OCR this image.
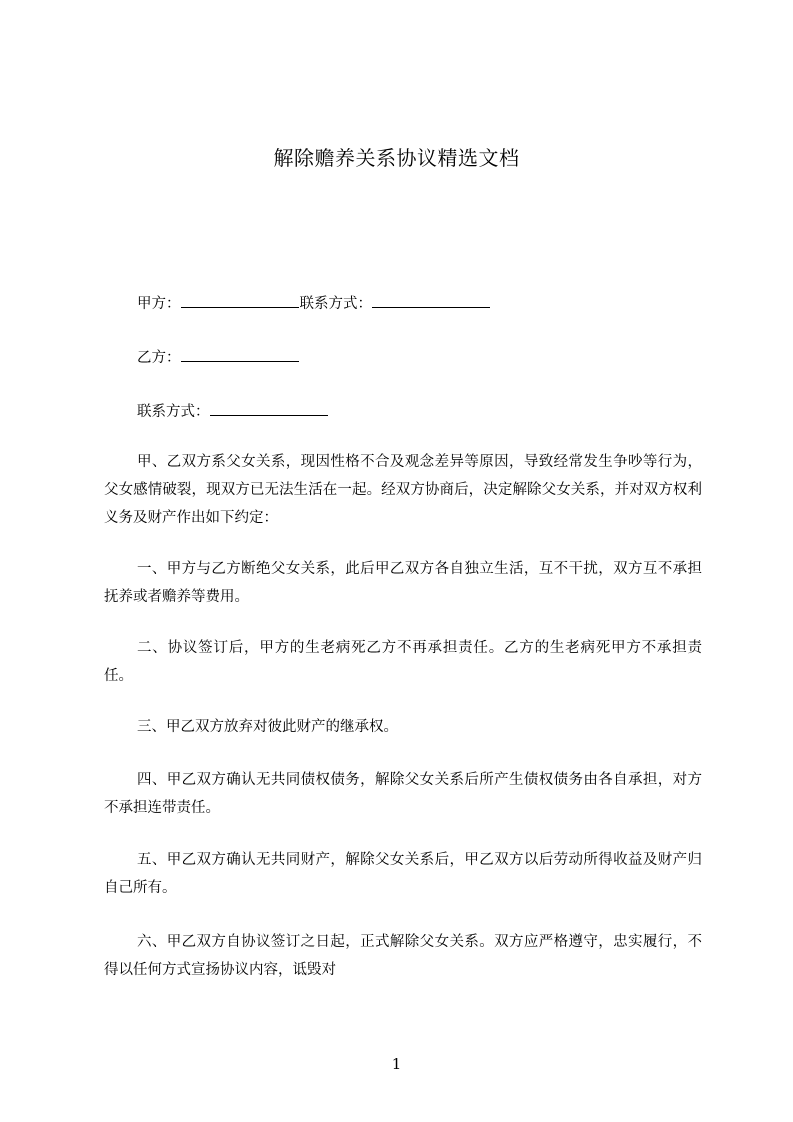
解除赡养关系协议精选文档
甲方：	联系方式：
乙方：
联系方式：
甲、乙双方系父女关系，现因性格不合及观念差异等原因，导致经常发生争吵等行为，父女感情破裂，现双方已无法生活在一起。经双方协商后，决定解除父女关系，并对双方权利义务及财产作出如下约定：
一、甲方与乙方断绝父女关系，此后甲乙双方各自独立生活，互不干扰，双方互不承担抚养或者赡养等费用。
二、协议签订后，甲方的生老病死乙方不再承担责任。乙方的生老病死甲方不承担责任。
三、甲乙双方放弃对彼此财产的继承权。
四、甲乙双方确认无共同债权债务，解除父女关系后所产生债权债务由各自承担，对方不承担连带责任。
五、甲乙双方确认无共同财产，解除父女关系后，甲乙双方以后劳动所得收益及财产归自己所有。
六、甲乙双方自协议签订之日起，正式解除父女关系。双方应严格遵守，忠实履行，不得以任何方式宣扬协议内容，诋毁对
1
